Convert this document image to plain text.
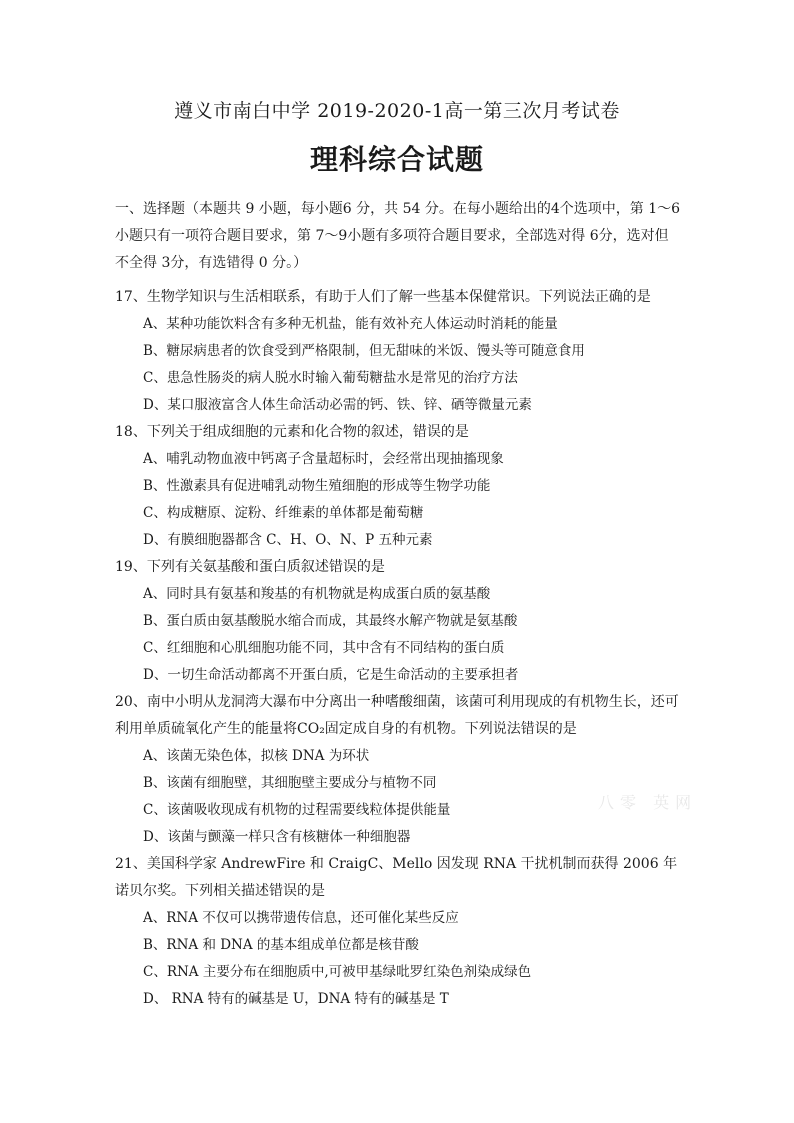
遵义市南白中学 2019-2020-1高一第三次月考试卷
理科综合试题

一、选择题（本题共 9 小题，每小题6 分，共 54 分。在每小题给出的4个选项中，第 1～6小题只有一项符合题目要求，第 7～9小题有多项符合题目要求，全部选对得 6分，选对但不全得 3分，有选错得 0 分。）

17、生物学知识与生活相联系，有助于人们了解一些基本保健常识。下列说法正确的是

A、某种功能饮料含有多种无机盐，能有效补充人体运动时消耗的能量

B、糖尿病患者的饮食受到严格限制，但无甜味的米饭、馒头等可随意食用

C、患急性肠炎的病人脱水时输入葡萄糖盐水是常见的治疗方法

D、某口服液富含人体生命活动必需的钙、铁、锌、硒等微量元素

18、下列关于组成细胞的元素和化合物的叙述，错误的是

A、哺乳动物血液中钙离子含量超标时，会经常出现抽搐现象

B、性激素具有促进哺乳动物生殖细胞的形成等生物学功能

C、构成糖原、淀粉、纤维素的单体都是葡萄糖

D、有膜细胞器都含 C、H、O、N、P 五种元素

19、下列有关氨基酸和蛋白质叙述错误的是

A、同时具有氨基和羧基的有机物就是构成蛋白质的氨基酸

B、蛋白质由氨基酸脱水缩合而成，其最终水解产物就是氨基酸

C、红细胞和心肌细胞功能不同，其中含有不同结构的蛋白质

D、一切生命活动都离不开蛋白质，它是生命活动的主要承担者

20、南中小明从龙洞湾大瀑布中分离出一种嗜酸细菌，该菌可利用现成的有机物生长，还可利用单质硫氧化产生的能量将CO₂固定成自身的有机物。下列说法错误的是

A、该菌无染色体，拟核 DNA 为环状

B、该菌有细胞壁，其细胞壁主要成分与植物不同

C、该菌吸收现成有机物的过程需要线粒体提供能量

D、该菌与颤藻一样只含有核糖体一种细胞器

21、美国科学家 AndrewFire 和 CraigC、Mello 因发现 RNA 干扰机制而获得 2006 年诺贝尔奖。下列相关描述错误的是

A、RNA 不仅可以携带遗传信息，还可催化某些反应

B、RNA 和 DNA 的基本组成单位都是核苷酸

C、RNA 主要分布在细胞质中,可被甲基绿吡罗红染色剂染成绿色

D、 RNA 特有的碱基是 U，DNA 特有的碱基是 T

八零 英网
